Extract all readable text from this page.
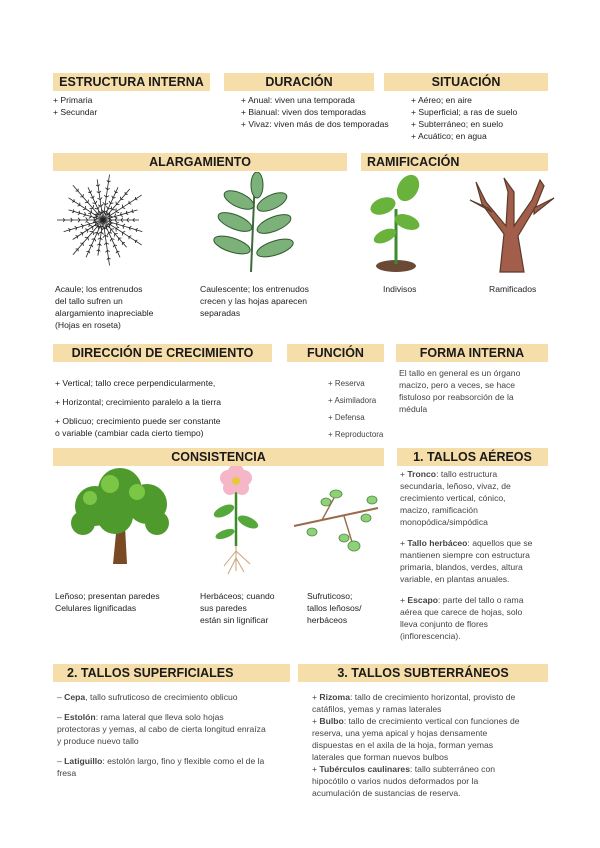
ESTRUCTURA INTERNA	DURACIÓN	SITUACIÓN
+ Primaria
+ Secundar
+ Anual: viven una temporada
+ Bianual: viven dos temporadas
+ Vivaz: viven más de dos temporadas
+ Aéreo; en aire
+ Superficial; a ras de suelo
+ Subterráneo; en suelo
+ Acuático; en agua
ALARGAMIENTO	RAMIFICACIÓN
Acaule; los entrenudos
del tallo sufren un
alargamiento inapreciable
(Hojas en roseta)
Caulescente; los entrenudos
crecen y las hojas aparecen
separadas
Indivisos	Ramificados
DIRECCIÓN DE CRECIMIENTO	FUNCIÓN	FORMA INTERNA
+ Vertical; tallo crece perpendicularmente,
+ Horizontal; crecimiento paralelo a la tierra
+ Oblicuo; crecimiento puede ser constante
o variable (cambiar cada cierto tiempo)
+ Reserva
+ Asimiladora
+ Defensa
+ Reproductora
El tallo en general es un órgano
macizo, pero a veces, se hace
fistuloso por reabsorción de la
médula
CONSISTENCIA	1. TALLOS AÉREOS
Leñoso; presentan paredes
Celulares lignificadas
Herbáceos; cuando
sus paredes
están sin lignificar
Sufruticoso;
tallos leñosos/
herbáceos
+ Tronco: tallo estructura
secundaria, leñoso, vivaz, de
crecimiento vertical, cónico,
macizo, ramificación
monopódica/simpódica
+ Tallo herbáceo: aquellos que se
mantienen siempre con estructura
primaria, blandos, verdes, altura
variable, en plantas anuales.
+ Escapo: parte del tallo o rama
aérea que carece de hojas, solo
lleva conjunto de flores
(inflorescencia).
2. TALLOS SUPERFICIALES	3. TALLOS SUBTERRÁNEOS
– Cepa, tallo sufruticoso de crecimiento oblicuo
– Estolón: rama lateral que lleva solo hojas
protectoras y yemas, al cabo de cierta longitud enraíza
y produce nuevo tallo
– Latiguillo: estolón largo, fino y flexible como el de la
fresa
+ Rizoma: tallo de crecimiento horizontal, provisto de
catáfilos, yemas y ramas laterales
+ Bulbo: tallo de crecimiento vertical con funciones de
reserva, una yema apical y hojas densamente
dispuestas en el axila de la hoja, forman yemas
laterales que forman nuevos bulbos
+ Tubérculos caulinares: tallo subterráneo con
hipocótilo o varios nudos deformados por la
acumulación de sustancias de reserva.
